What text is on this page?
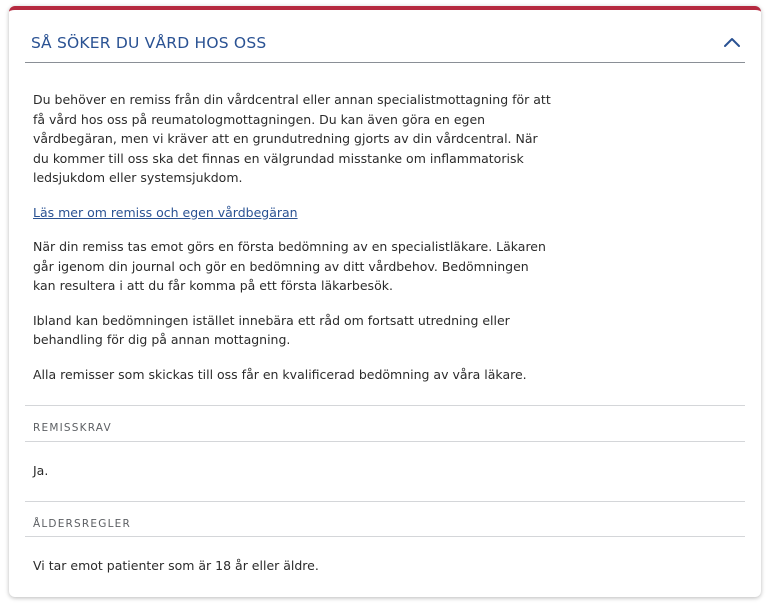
SÅ SÖKER DU VÅRD HOS OSS

Du behöver en remiss från din vårdcentral eller annan specialistmottagning för att få vård hos oss på reumatologmottagningen. Du kan även göra en egen vårdbegäran, men vi kräver att en grundutredning gjorts av din vårdcentral. När du kommer till oss ska det finnas en välgrundad misstanke om inflammatorisk ledsjukdom eller systemsjukdom.

Läs mer om remiss och egen vårdbegäran

När din remiss tas emot görs en första bedömning av en specialistläkare. Läkaren går igenom din journal och gör en bedömning av ditt vårdbehov. Bedömningen kan resultera i att du får komma på ett första läkarbesök.

Ibland kan bedömningen istället innebära ett råd om fortsatt utredning eller behandling för dig på annan mottagning.

Alla remisser som skickas till oss får en kvalificerad bedömning av våra läkare.

REMISSKRAV
Ja.
ÅLDERSREGLER
Vi tar emot patienter som är 18 år eller äldre.
